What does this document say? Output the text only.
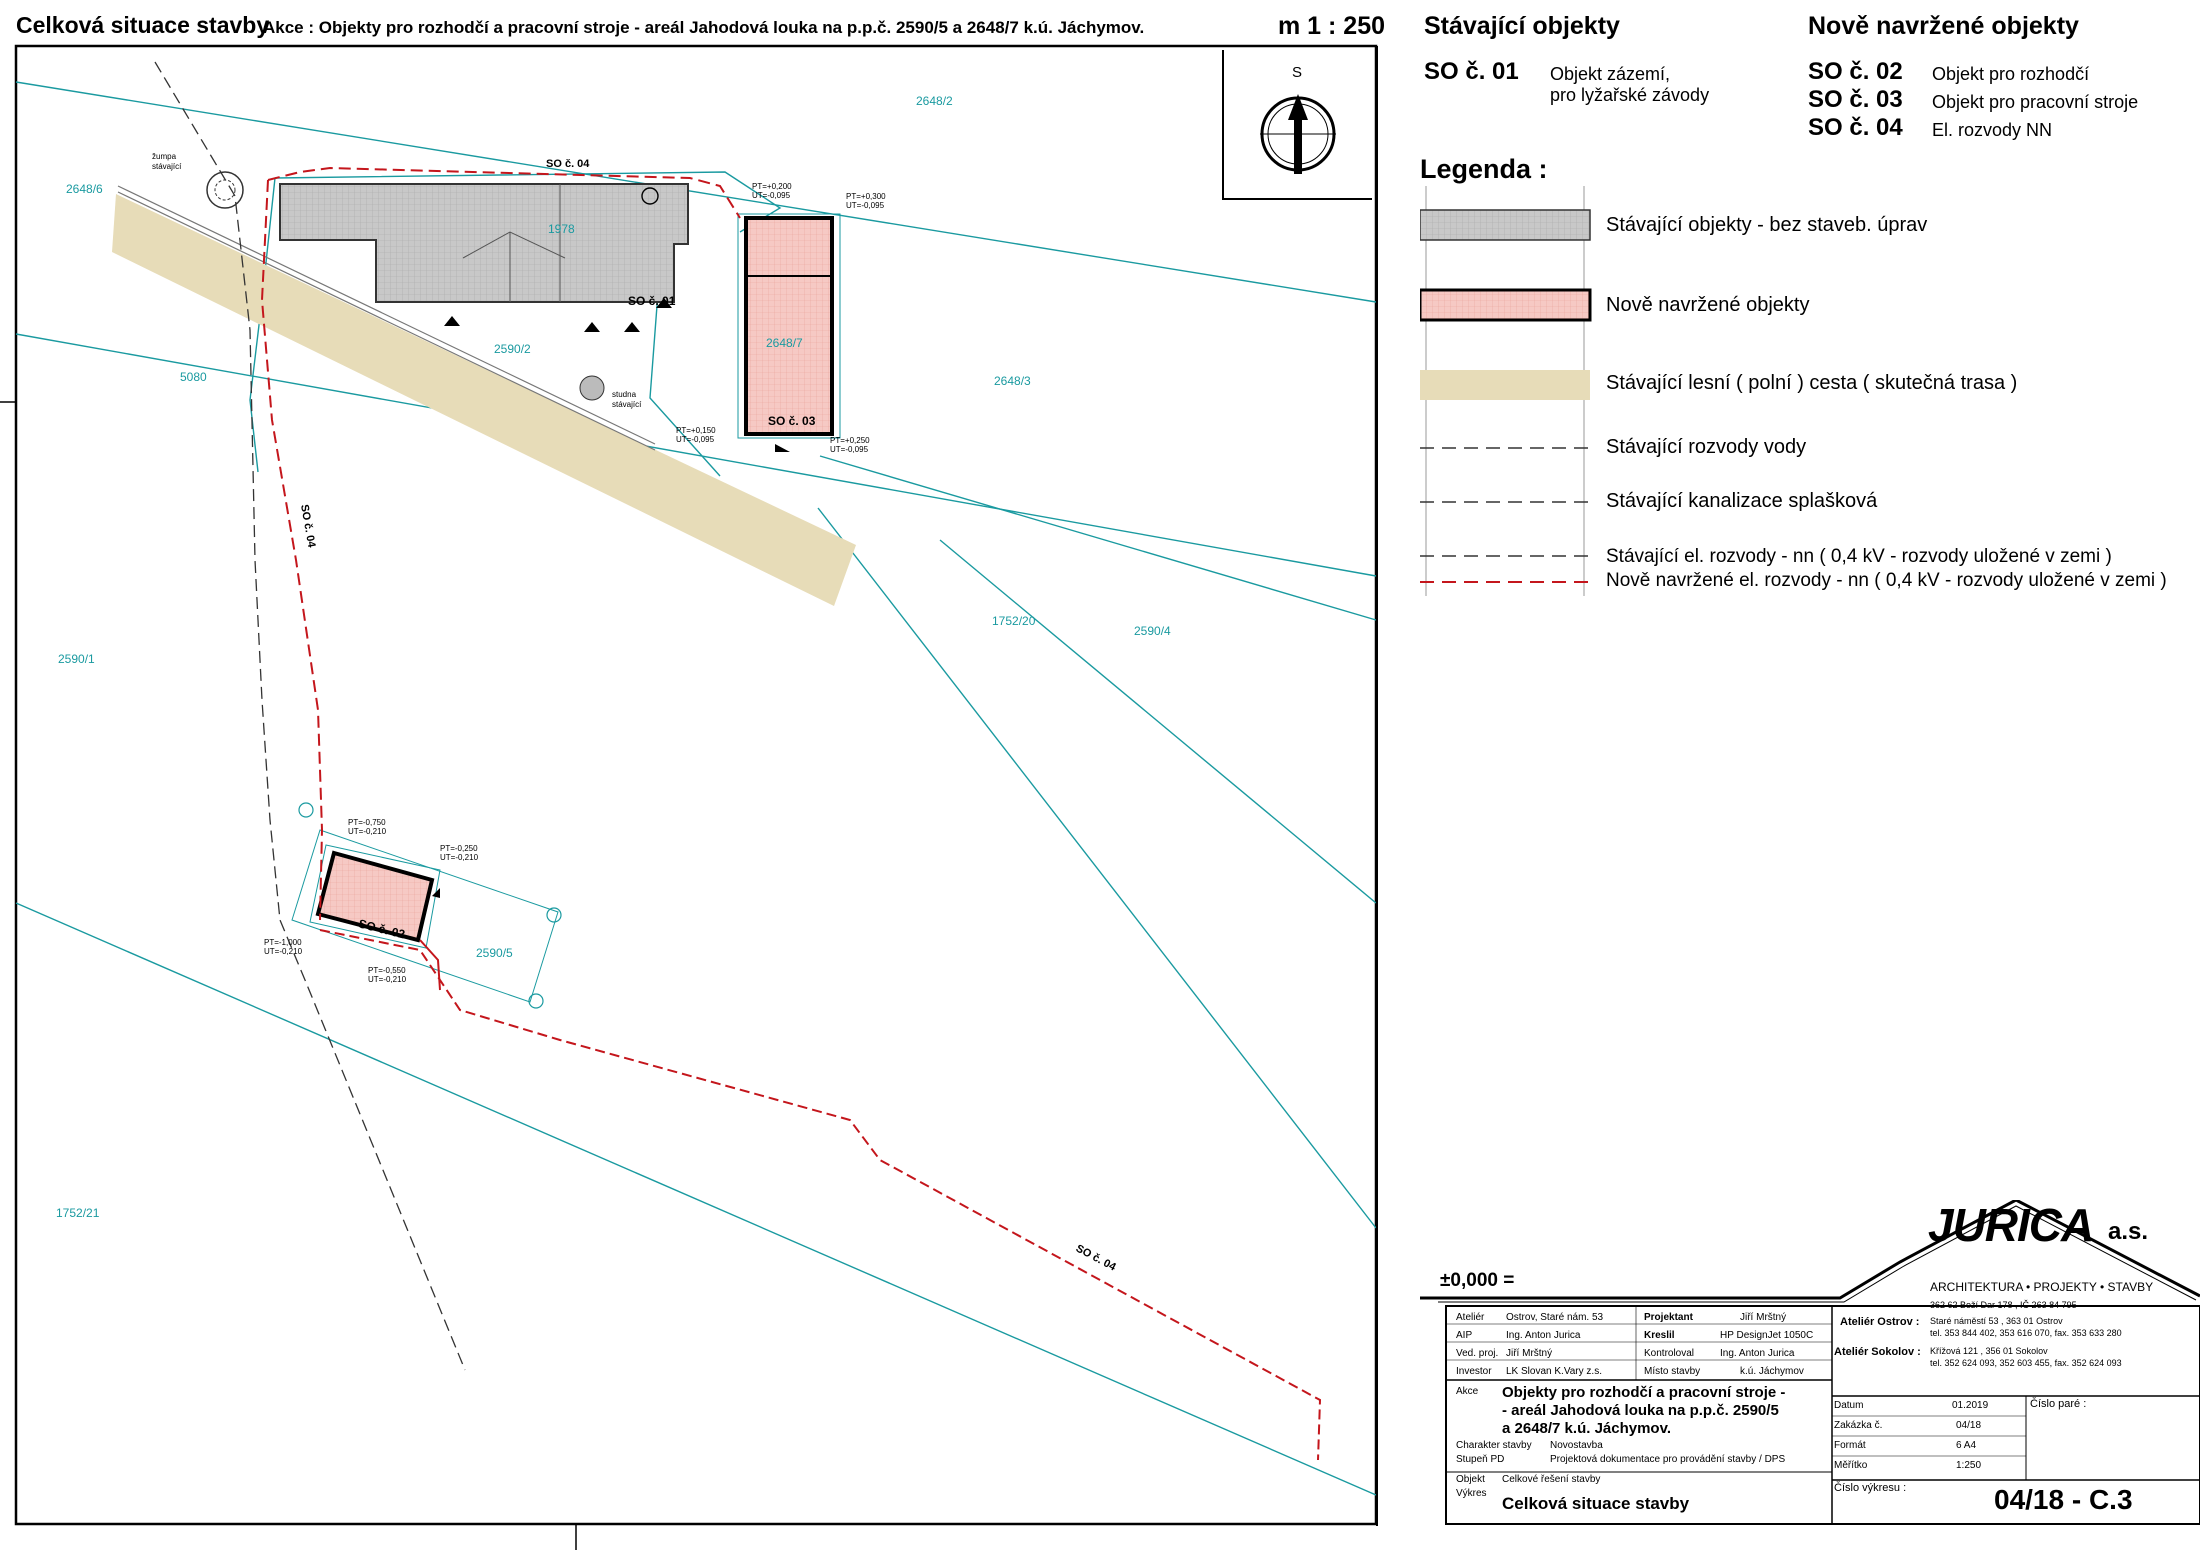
Celková situace stavby
Akce : Objekty pro rozhodčí a pracovní stroje - areál Jahodová louka na p.p.č. 2590/5 a 2648/7 k.ú. Jáchymov.	m 1 : 250
2648/2
2648/6
1978
2590/2	2648/7
2648/3
5080
1752/20
2590/4
2590/1
2590/5
1752/21
SO č. 01
SO č. 02
SO č. 03
SO č. 04
SO č. 04
SO č. 04
žumpa
stávající
studna
stávající
PT=+0,200
UT=-0,095	PT=+0,300
UT=-0,095
PT=+0,150
UT=-0,095	PT=+0,250
UT=-0,095
PT=-0,750
UT=-0,210
PT=-0,250
UT=-0,210
PT=-1,000
UT=-0,210
PT=-0,550
UT=-0,210
S
Stávající objekty
SO č. 01 Objekt zázemí,
pro lyžařské závody
Nově navržené objekty
SO č. 02 Objekt pro rozhodčí
SO č. 03 Objekt pro pracovní stroje
SO č. 04 El. rozvody NN
Legenda :
Stávající objekty - bez staveb. úprav
Nově navržené objekty
Stávající lesní ( polní ) cesta ( skutečná trasa )
Stávající rozvody vody
Stávající kanalizace splašková
Stávající el. rozvody - nn ( 0,4 kV - rozvody uložené v zemi )
Nově navržené el. rozvody - nn ( 0,4 kV - rozvody uložené v zemi )
±0,000 =
JURICA a.s.
ARCHITEKTURA • PROJEKTY • STAVBY
362 62 Boží Dar 178 , IČ 263 84 795
Ateliér Ostrov : Staré náměstí 53 , 363 01 Ostrov
tel. 353 844 402, 353 616 070, fax. 353 633 280
Ateliér Sokolov : Křížová 121 , 356 01 Sokolov
tel. 352 624 093, 352 603 455, fax. 352 624 093
Ateliér Ostrov, Staré nám. 53	Projektant	Jiří Mrštný
AIP	Ing. Anton Jurica	Kreslil	HP DesignJet 1050C
Ved. proj. Jiří Mrštný	Kontroloval	Ing. Anton Jurica
Investor LK Slovan K.Vary z.s.	Místo stavby	k.ú. Jáchymov
Akce Objekty pro rozhodčí a pracovní stroje -
- areál Jahodová louka na p.p.č. 2590/5
a 2648/7 k.ú. Jáchymov.
Charakter stavby Novostavba
Stupeň PD	Projektová dokumentace pro provádění stavby / DPS
Objekt Celkové řešení stavby
Výkres
Celková situace stavby
Datum	01.2019
Zakázka č.	04/18
Formát	6 A4
Měřítko	1:250
Číslo paré :
Číslo výkresu :	04/18 - C.3
